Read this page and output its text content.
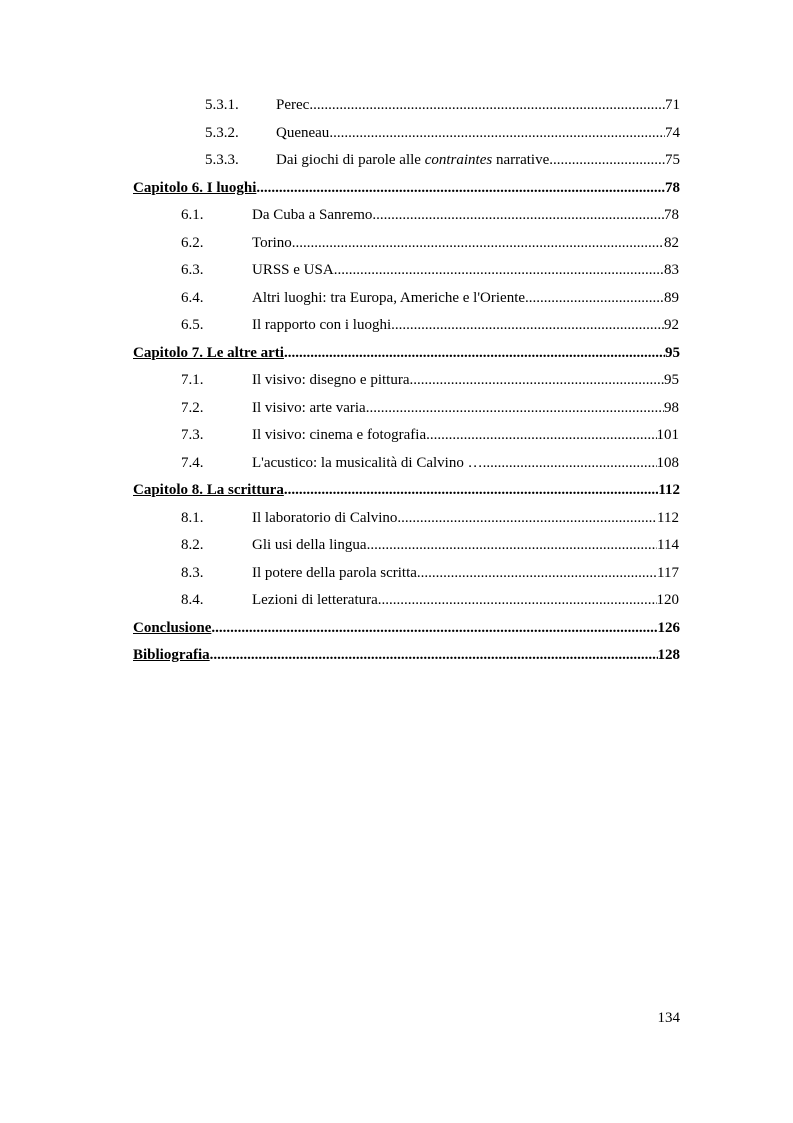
5.3.1. Perec .....	71
5.3.2. Queneau .....	74
5.3.3. Dai giochi di parole alle contraintes narrative .....	75
Capitolo 6. I luoghi .....	78
6.1.	Da Cuba a Sanremo .....	78
6.2.	Torino .....	82
6.3.	URSS e USA .....	83
6.4.	Altri luoghi: tra Europa, Americhe e l'Oriente .....	89
6.5.	Il rapporto con i luoghi .....	92
Capitolo 7. Le altre arti .....	95
7.1.	Il visivo: disegno e pittura .....	95
7.2.	Il visivo: arte varia .....	98
7.3.	Il visivo: cinema e fotografia .....	101
7.4.	L'acustico: la musicalità di Calvino … .....	108
Capitolo 8. La scrittura .....	112
8.1.	Il laboratorio di Calvino .....	112
8.2.	Gli usi della lingua .....	114
8.3.	Il potere della parola scritta .....	117
8.4.	Lezioni di letteratura .....	120
Conclusione .....	126
Bibliografia .....	128
134
